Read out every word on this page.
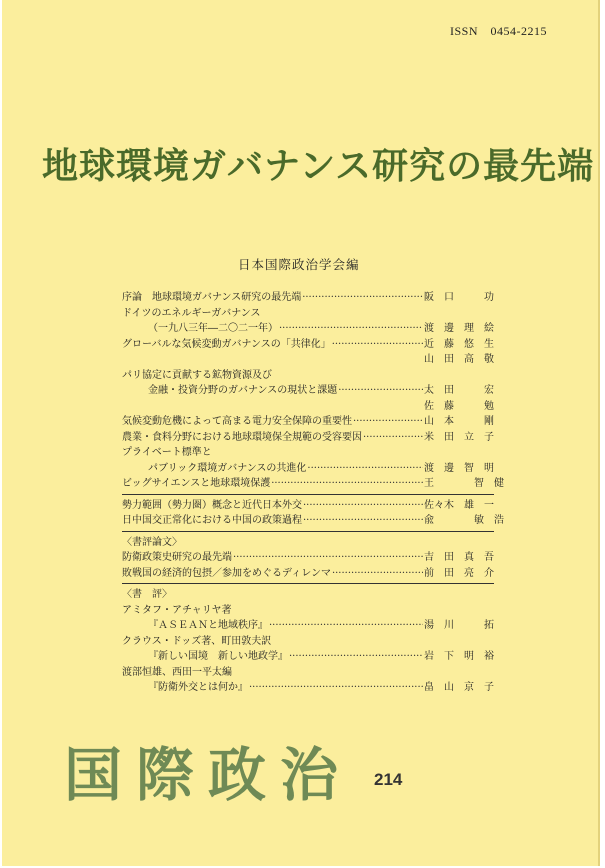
ISSN　0454-2215
地球環境ガバナンス研究の最先端
日本国際政治学会編
序論　地球環境ガバナンス研究の最先端 ·····	阪　口　　　功
ドイツのエネルギーガバナンス
（一九八三年―二〇二一年） ·····	渡　邊　理　絵
グローバルな気候変動ガバナンスの「共律化」 ·····	近　藤　悠　生
山　田　高　敬
パリ協定に貢献する鉱物資源及び
金融・投資分野のガバナンスの現状と課題 ·····	太　田　　　宏
佐　藤　　　勉
気候変動危機によって高まる電力安全保障の重要性 ·····	山　本　　　剛
農業・食料分野における地球環境保全規範の受容要因 ·····	米　田　立　子
プライベート標準と
パブリック環境ガバナンスの共進化 ·····	渡　邊　智　明
ビッグサイエンスと地球環境保護 ·····	王　　　　智　健
勢力範囲（勢力圏）概念と近代日本外交 ·····	佐々木　雄　一
日中国交正常化における中国の政策過程 ·····	兪　　　　敏　浩
〈書評論文〉
防衛政策史研究の最先端 ·····	吉　田　真　吾
敗戦国の経済的包摂／参加をめぐるディレンマ ·····	前　田　亮　介
〈書　評〉
アミタフ・アチャリヤ著
『ＡＳＥＡＮと地域秩序』 ·····	湯　川　　　拓
クラウス・ドッズ著、町田敦夫訳
『新しい国境　新しい地政学』 ·····	岩　下　明　裕
渡部恒雄、西田一平太編
『防衛外交とは何か』 ·····	畠　山　京　子
国際政治 214
